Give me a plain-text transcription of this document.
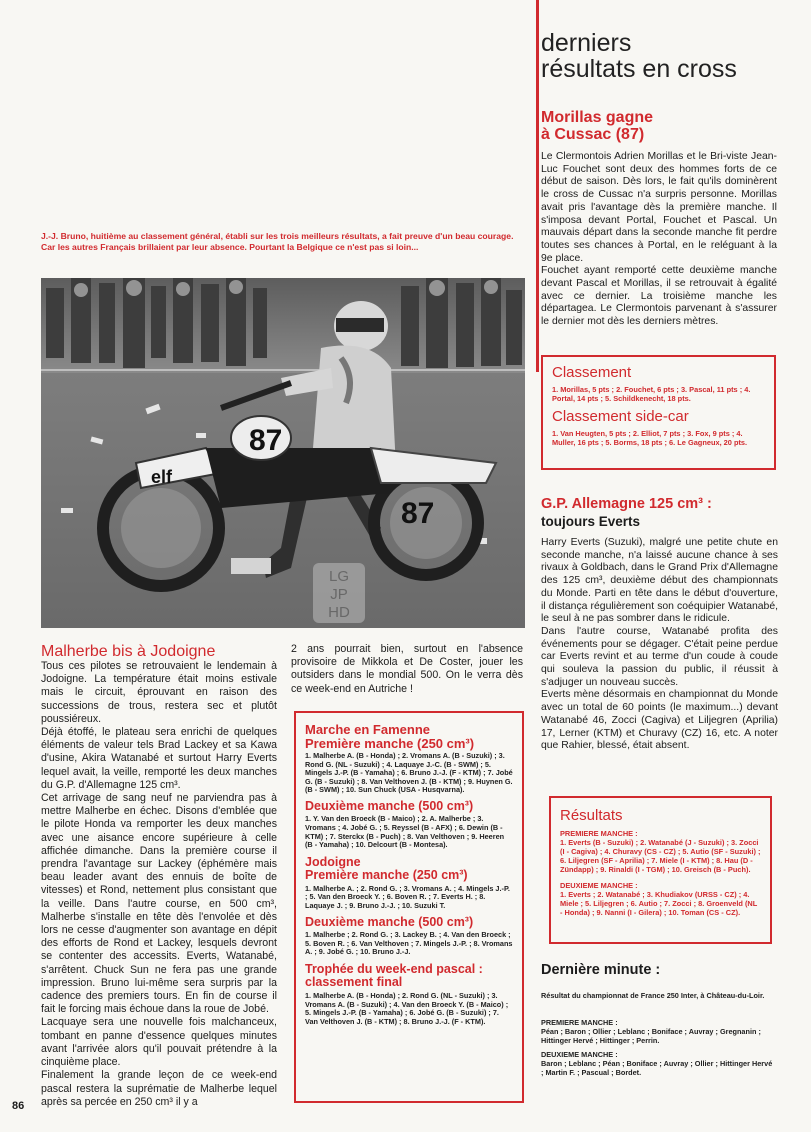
derniers
résultats en cross
Morillas gagne
à Cussac (87)

Le Clermontois Adrien Morillas et le Bri-viste Jean-Luc Fouchet sont deux des hommes forts de ce début de saison. Dès lors, le fait qu'ils dominèrent le cross de Cussac n'a surpris personne. Morillas avait pris l'avantage dès la première manche. Il s'imposa devant Portal, Fouchet et Pascal. Un mauvais départ dans la seconde manche fit perdre toutes ses chances à Portal, en le reléguant à la 9e place.
Fouchet ayant remporté cette deuxième manche devant Pascal et Morillas, il se retrouvait à égalité avec ce dernier. La troisième manche les départagea. Le Clermontois parvenant à s'assurer le dernier mot dès les derniers mètres.

Classement
1. Morillas, 5 pts ; 2. Fouchet, 6 pts ; 3. Pascal, 11 pts ; 4. Portal, 14 pts ; 5. Schildkenecht, 18 pts.
Classement side-car
1. Van Heugten, 5 pts ; 2. Elliot, 7 pts ; 3. Fox, 9 pts ; 4. Muller, 16 pts ; 5. Borms, 18 pts ; 6. Le Gagneux, 20 pts.
G.P. Allemagne 125 cm³ :
toujours Everts

Harry Everts (Suzuki), malgré une petite chute en seconde manche, n'a laissé aucune chance à ses rivaux à Goldbach, dans le Grand Prix d'Allemagne des 125 cm³, deuxième début des championnats du Monde. Parti en tête dans le début d'ouverture, il distança régulièrement son coéquipier Watanabé, le seul à ne pas sombrer dans le ridicule.
Dans l'autre course, Watanabé profita des événements pour se dégager. C'était peine perdue car Everts revint et au terme d'un coude à coude qui souleva la passion du public, il réussit à s'adjuger un nouveau succès.
Everts mène désormais en championnat du Monde avec un total de 60 points (le maximum...) devant Watanabé 46, Zocci (Cagiva) et Liljegren (Aprilia) 17, Lerner (KTM) et Churavy (CZ) 16, etc. A noter que Rahier, blessé, était absent.

Résultats
PREMIERE MANCHE :
1. Everts (B - Suzuki) ; 2. Watanabé (J - Suzuki) ; 3. Zocci (I - Cagiva) ; 4. Churavy (CS - CZ) ; 5. Autio (SF - Suzuki) ; 6. Liljegren (SF - Aprilia) ; 7. Miele (I - KTM) ; 8. Hau (D - Zündapp) ; 9. Rinaldi (I - TGM) ; 10. Greisch (B - Puch).
DEUXIEME MANCHE :
1. Everts ; 2. Watanabé ; 3. Khudiakov (URSS - CZ) ; 4. Miele ; 5. Liljegren ; 6. Autio ; 7. Zocci ; 8. Groenveld (NL - Honda) ; 9. Nanni (I - Gilera) ; 10. Toman (CS - CZ).
Dernière minute :
Résultat du championnat de France 250 Inter, à Château-du-Loir.
PREMIERE MANCHE :
Péan ; Baron ; Ollier ; Leblanc ; Boniface ; Auvray ; Gregnanin ; Hittinger Hervé ; Hittinger ; Perrin.
DEUXIEME MANCHE :
Baron ; Leblanc ; Péan ; Boniface ; Auvray ; Ollier ; Hittinger Hervé ; Martin F. ; Pascual ; Bordet.
J.-J. Bruno, huitième au classement général, établi sur les trois meilleurs résultats, a fait preuve d'un beau courage. Car les autres Français brillaient par leur absence. Pourtant la Belgique ce n'est pas si loin...
87
87
elf
LG
JP
HD
Malherbe bis à Jodoigne

Tous ces pilotes se retrouvaient le lendemain à Jodoigne. La température était moins estivale mais le circuit, éprouvant en raison des successions de trous, restera sec et plutôt poussiéreux.
Déjà étoffé, le plateau sera enrichi de quelques éléments de valeur tels Brad Lackey et sa Kawa d'usine, Akira Watanabé et surtout Harry Everts lequel avait, la veille, remporté les deux manches du G.P. d'Allemagne 125 cm³.
Cet arrivage de sang neuf ne parviendra pas à mettre Malherbe en échec. Disons d'emblée que le pilote Honda va remporter les deux manches avec une aisance encore supérieure à celle affichée dimanche. Dans la première course il prendra l'avantage sur Lackey (éphémère mais beau leader avant des ennuis de boîte de vitesses) et Rond, nettement plus consistant que la veille. Dans l'autre course, en 500 cm³, Malherbe s'installe en tête dès l'envolée et dès lors ne cesse d'augmenter son avantage en dépit des efforts de Rond et Lackey, lesquels devront se contenter des accessits. Everts, Watanabé, s'arrêtent. Chuck Sun ne fera pas une grande impression. Bruno lui-même sera surpris par la cadence des premiers tours. En fin de course il fait le forcing mais échoue dans la roue de Jobé.
Lacquaye sera une nouvelle fois malchanceux, tombant en panne d'essence quelques minutes avant l'arrivée alors qu'il pouvait prétendre à la cinquième place.
Finalement la grande leçon de ce week-end pascal restera la suprématie de Malherbe lequel après sa percée en 250 cm³ il y a

86

2 ans pourrait bien, surtout en l'absence provisoire de Mikkola et De Coster, jouer les outsiders dans le mondial 500. On le verra dès ce week-end en Autriche !

Marche en Famenne
Première manche (250 cm³)
1. Malherbe A. (B - Honda) ; 2. Vromans A. (B - Suzuki) ; 3. Rond G. (NL - Suzuki) ; 4. Laquaye J.-C. (B - SWM) ; 5. Mingels J.-P. (B - Yamaha) ; 6. Bruno J.-J. (F - KTM) ; 7. Jobé G. (B - Suzuki) ; 8. Van Velthoven J. (B - KTM) ; 9. Huynen G. (B - SWM) ; 10. Sun Chuck (USA - Husqvarna).
Deuxième manche (500 cm³)
1. Y. Van den Broeck (B - Maico) ; 2. A. Malherbe ; 3. Vromans ; 4. Jobé G. ; 5. Reyssel (B - AFX) ; 6. Dewin (B - KTM) ; 7. Sterckx (B - Puch) ; 8. Van Velthoven ; 9. Heeren (B - Yamaha) ; 10. Delcourt (B - Montesa).
Jodoigne
Première manche (250 cm³)
1. Malherbe A. ; 2. Rond G. ; 3. Vromans A. ; 4. Mingels J.-P. ; 5. Van den Broeck Y. ; 6. Boven R. ; 7. Everts H. ; 8. Laquaye J. ; 9. Bruno J.-J. ; 10. Suzuki T.
Deuxième manche (500 cm³)
1. Malherbe ; 2. Rond G. ; 3. Lackey B. ; 4. Van den Broeck ; 5. Boven R. ; 6. Van Velthoven ; 7. Mingels J.-P. ; 8. Vromans A. ; 9. Jobé G. ; 10. Bruno J.-J.
Trophée du week-end pascal :
classement final
1. Malherbe A. (B - Honda) ; 2. Rond G. (NL - Suzuki) ; 3. Vromans A. (B - Suzuki) ; 4. Van den Broeck Y. (B - Maico) ; 5. Mingels J.-P. (B - Yamaha) ; 6. Jobé G. (B - Suzuki) ; 7. Van Velthoven J. (B - KTM) ; 8. Bruno J.-J. (F - KTM).
